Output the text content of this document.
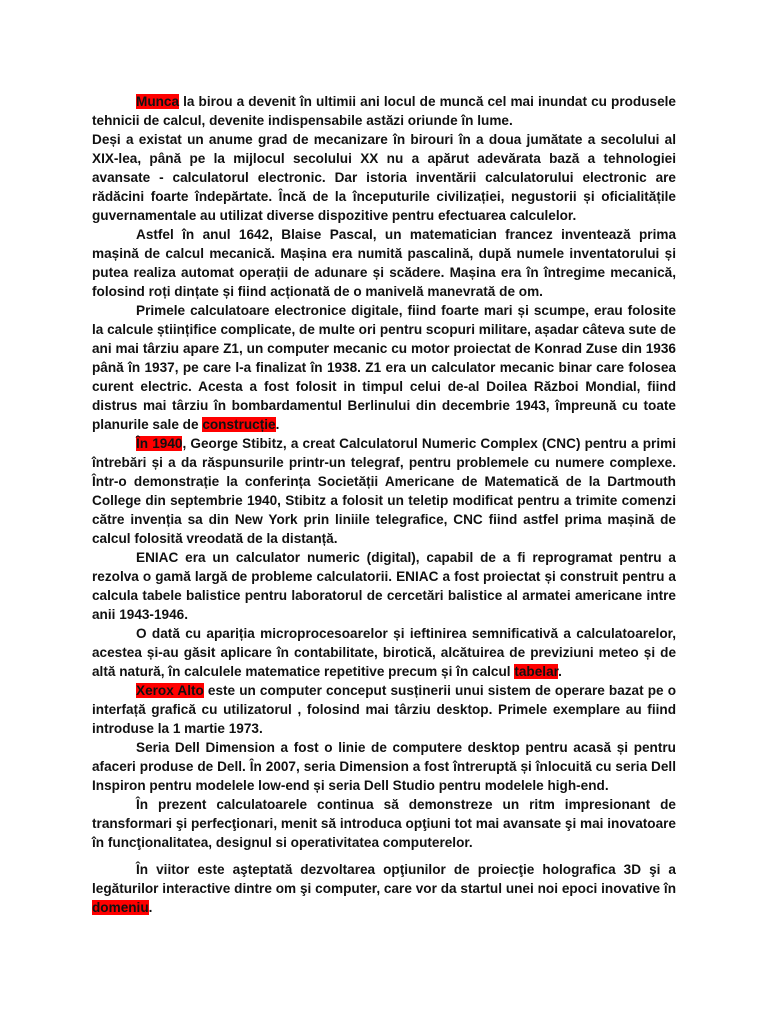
Munca la birou a devenit în ultimii ani locul de muncă cel mai inundat cu produsele tehnicii de calcul, devenite indispensabile astăzi oriunde în lume.

Deși a existat un anume grad de mecanizare în birouri în a doua jumătate a secolului al XIX-lea, până pe la mijlocul secolului XX nu a apărut adevărata bază a tehnologiei avansate - calculatorul electronic. Dar istoria inventării calculatorului electronic are rădăcini foarte îndepărtate. Încă de la începuturile civilizației, negustorii și oficialitățile guvernamentale au utilizat diverse dispozitive pentru efectuarea calculelor.

Astfel în anul 1642, Blaise Pascal, un matematician francez inventează prima mașină de calcul mecanică. Mașina era numită pascalină, după numele inventatorului și putea realiza automat operații de adunare și scădere. Mașina era în întregime mecanică, folosind roți dințate și fiind acționată de o manivelă manevrată de om.

Primele calculatoare electronice digitale, fiind foarte mari și scumpe, erau folosite la calcule științifice complicate, de multe ori pentru scopuri militare, așadar câteva sute de ani mai târziu apare Z1, un computer mecanic cu motor proiectat de Konrad Zuse din 1936 până în 1937, pe care l-a finalizat în 1938. Z1 era un calculator mecanic binar care folosea curent electric. Acesta a fost folosit in timpul celui de-al Doilea Război Mondial, fiind distrus mai târziu în bombardamentul Berlinului din decembrie 1943, împreună cu toate planurile sale de construcție.

În 1940, George Stibitz, a creat Calculatorul Numeric Complex (CNC) pentru a primi întrebări și a da răspunsurile printr-un telegraf, pentru problemele cu numere complexe. Într-o demonstrație la conferința Societății Americane de Matematică de la Dartmouth College din septembrie 1940, Stibitz a folosit un teletip modificat pentru a trimite comenzi către invenția sa din New York prin liniile telegrafice, CNC fiind astfel prima mașină de calcul folosită vreodată de la distanță.

ENIAC era un calculator numeric (digital), capabil de a fi reprogramat pentru a rezolva o gamă largă de probleme calculatorii. ENIAC a fost proiectat și construit pentru a calcula tabele balistice pentru laboratorul de cercetări balistice al armatei americane intre anii 1943-1946.

O dată cu apariția microprocesoarelor și ieftinirea semnificativă a calculatoarelor, acestea și-au găsit aplicare în contabilitate, birotică, alcătuirea de previziuni meteo și de altă natură, în calculele matematice repetitive precum și în calcul tabelar.

Xerox Alto este un computer conceput susținerii unui sistem de operare bazat pe o interfață grafică cu utilizatorul , folosind mai târziu desktop. Primele exemplare au fiind introduse la 1 martie 1973.

Seria Dell Dimension a fost o linie de computere desktop pentru acasă și pentru afaceri produse de Dell. În 2007, seria Dimension a fost întreruptă și înlocuită cu seria Dell Inspiron pentru modelele low-end și seria Dell Studio pentru modelele high-end.

În prezent calculatoarele continua să demonstreze un ritm impresionant de transformari şi perfecţionari, menit să introduca opţiuni tot mai avansate şi mai inovatoare în funcţionalitatea, designul si operativitatea computerelor.

În viitor este aşteptată dezvoltarea opţiunilor de proiecţie holografica 3D şi a legăturilor interactive dintre om şi computer, care vor da startul unei noi epoci inovative în domeniu.
